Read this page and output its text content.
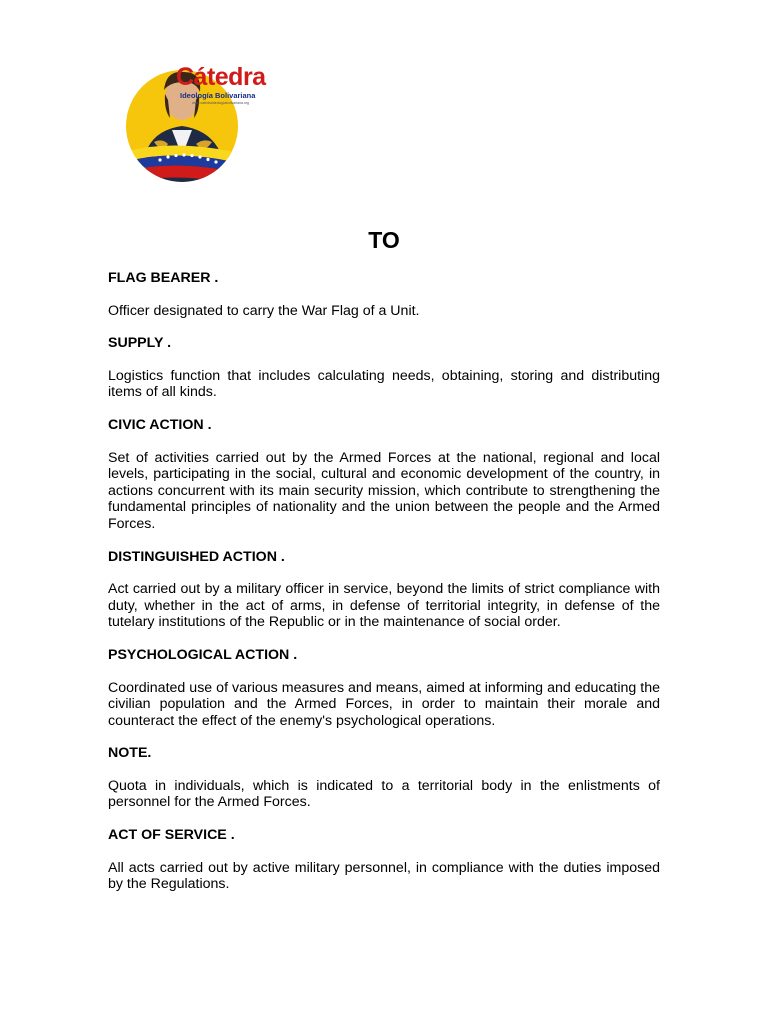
Cátedra
Ideología Bolivariana
www.catedraideologiabolivariana.org
TO

FLAG BEARER .

Officer designated to carry the War Flag of a Unit.

SUPPLY .

Logistics function that includes calculating needs, obtaining, storing and distributing items of all kinds.

CIVIC ACTION .

Set of activities carried out by the Armed Forces at the national, regional and local levels, participating in the social, cultural and economic development of the country, in actions concurrent with its main security mission, which contribute to strengthening the fundamental principles of nationality and the union between the people and the Armed Forces.

DISTINGUISHED ACTION .

Act carried out by a military officer in service, beyond the limits of strict compliance with duty, whether in the act of arms, in defense of territorial integrity, in defense of the tutelary institutions of the Republic or in the maintenance of social order.

PSYCHOLOGICAL ACTION .

Coordinated use of various measures and means, aimed at informing and educating the civilian population and the Armed Forces, in order to maintain their morale and counteract the effect of the enemy's psychological operations.

NOTE.

Quota in individuals, which is indicated to a territorial body in the enlistments of personnel for the Armed Forces.

ACT OF SERVICE .

All acts carried out by active military personnel, in compliance with the duties imposed by the Regulations.
